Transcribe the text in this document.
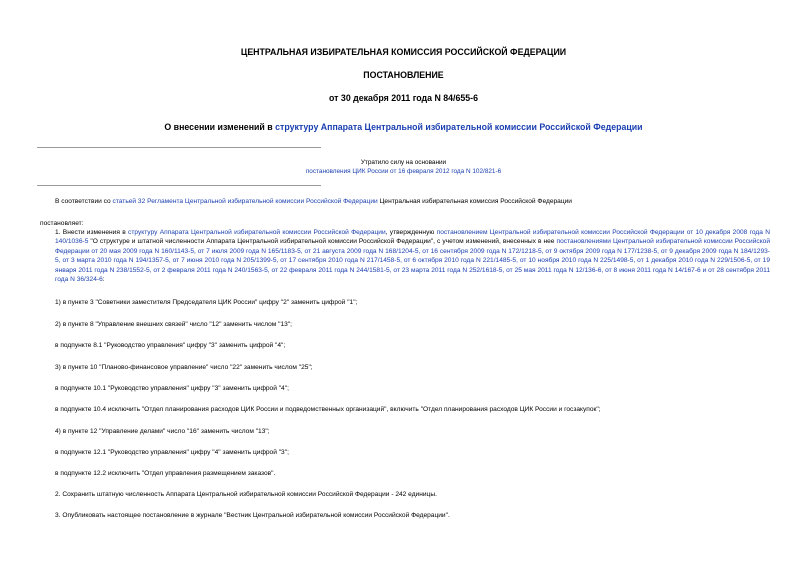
ЦЕНТРАЛЬНАЯ ИЗБИРАТЕЛЬНАЯ КОМИССИЯ РОССИЙСКОЙ ФЕДЕРАЦИИ
ПОСТАНОВЛЕНИЕ
от 30 декабря 2011 года N 84/655-6
О внесении изменений в структуру Аппарата Центральной избирательной комиссии Российской Федерации
Утратило силу на основании
постановления ЦИК России от 16 февраля 2012 года N 102/821-6
В соответствии со статьей 32 Регламента Центральной избирательной комиссии Российской Федерации Центральная избирательная комиссия Российской Федерации
постановляет:
1. Внести изменения в структуру Аппарата Центральной избирательной комиссии Российской Федерации, утвержденную постановлением Центральной избирательной комиссии Российской Федерации от 10 декабря 2008 года N 140/1036-5 "О структуре и штатной численности Аппарата Центральной избирательной комиссии Российской Федерации", с учетом изменений, внесенных в нее постановлениями Центральной избирательной комиссии Российской Федерации от 20 мая 2009 года N 160/1143-5, от 7 июля 2009 года N 165/1183-5, от 21 августа 2009 года N 168/1204-5, от 16 сентября 2009 года N 172/1218-5, от 9 октября 2009 года N 177/1238-5, от 9 декабря 2009 года N 184/1293-5, от 3 марта 2010 года N 194/1357-5, от 7 июня 2010 года N 205/1399-5, от 17 сентября 2010 года N 217/1458-5, от 6 октября 2010 года N 221/1485-5, от 10 ноября 2010 года N 225/1498-5, от 1 декабря 2010 года N 229/1506-5, от 19 января 2011 года N 238/1552-5, от 2 февраля 2011 года N 240/1563-5, от 22 февраля 2011 года N 244/1581-5, от 23 марта 2011 года N 252/1618-5, от 25 мая 2011 года N 12/136-6, от 8 июня 2011 года N 14/167-6 и от 28 сентября 2011 года N 36/324-6:
1) в пункте 3 "Советники заместителя Председателя ЦИК России" цифру "2" заменить цифрой "1";
2) в пункте 8 "Управление внешних связей" число "12" заменить числом "13";
в подпункте 8.1 "Руководство управления" цифру "3" заменить цифрой "4";
3) в пункте 10 "Планово-финансовое управление" число "22" заменить числом "25";
в подпункте 10.1 "Руководство управления" цифру "3" заменить цифрой "4";
в подпункте 10.4 исключить "Отдел планирования расходов ЦИК России и подведомственных организаций", включить "Отдел планирования расходов ЦИК России и госзакупок";
4) в пункте 12 "Управление делами" число "16" заменить числом "13";
в подпункте 12.1 "Руководство управления" цифру "4" заменить цифрой "3";
в подпункте 12.2 исключить "Отдел управления размещением заказов".
2. Сохранить штатную численность Аппарата Центральной избирательной комиссии Российской Федерации - 242 единицы.
3. Опубликовать настоящее постановление в журнале "Вестник Центральной избирательной комиссии Российской Федерации".
